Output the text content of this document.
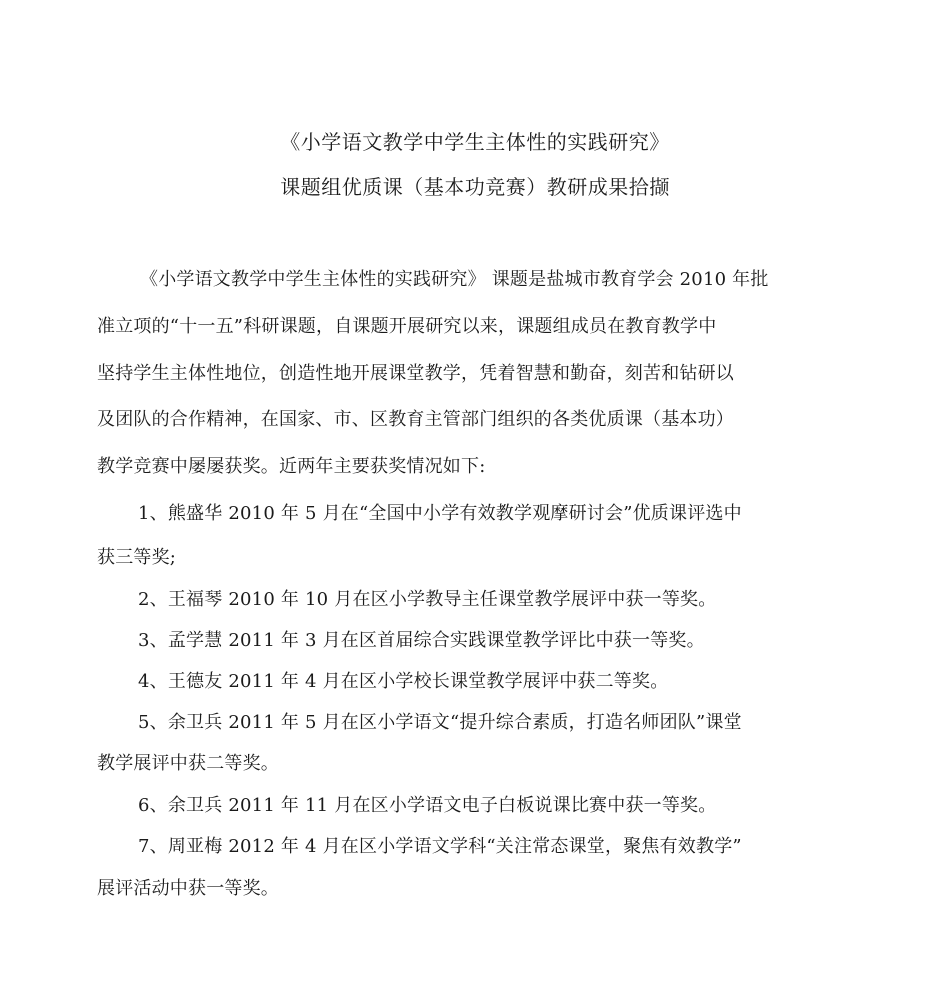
《小学语文教学中学生主体性的实践研究》
课题组优质课（基本功竞赛）教研成果拾撷
《小学语文教学中学生主体性的实践研究》 课题是盐城市教育学会 2010 年批
准立项的“十一五”科研课题，自课题开展研究以来，课题组成员在教育教学中
坚持学生主体性地位，创造性地开展课堂教学，凭着智慧和勤奋，刻苦和钻研以
及团队的合作精神，在国家、市、区教育主管部门组织的各类优质课（基本功）
教学竞赛中屡屡获奖。近两年主要获奖情况如下:
1、熊盛华 2010 年 5 月在“全国中小学有效教学观摩研讨会”优质课评选中
获三等奖;
2、王福琴 2010 年 10 月在区小学教导主任课堂教学展评中获一等奖。
3、孟学慧 2011 年 3 月在区首届综合实践课堂教学评比中获一等奖。
4、王德友 2011 年 4 月在区小学校长课堂教学展评中获二等奖。
5、余卫兵 2011 年 5 月在区小学语文“提升综合素质，打造名师团队”课堂
教学展评中获二等奖。
6、余卫兵 2011 年 11 月在区小学语文电子白板说课比赛中获一等奖。
7、周亚梅 2012 年 4 月在区小学语文学科“关注常态课堂，聚焦有效教学”
展评活动中获一等奖。
